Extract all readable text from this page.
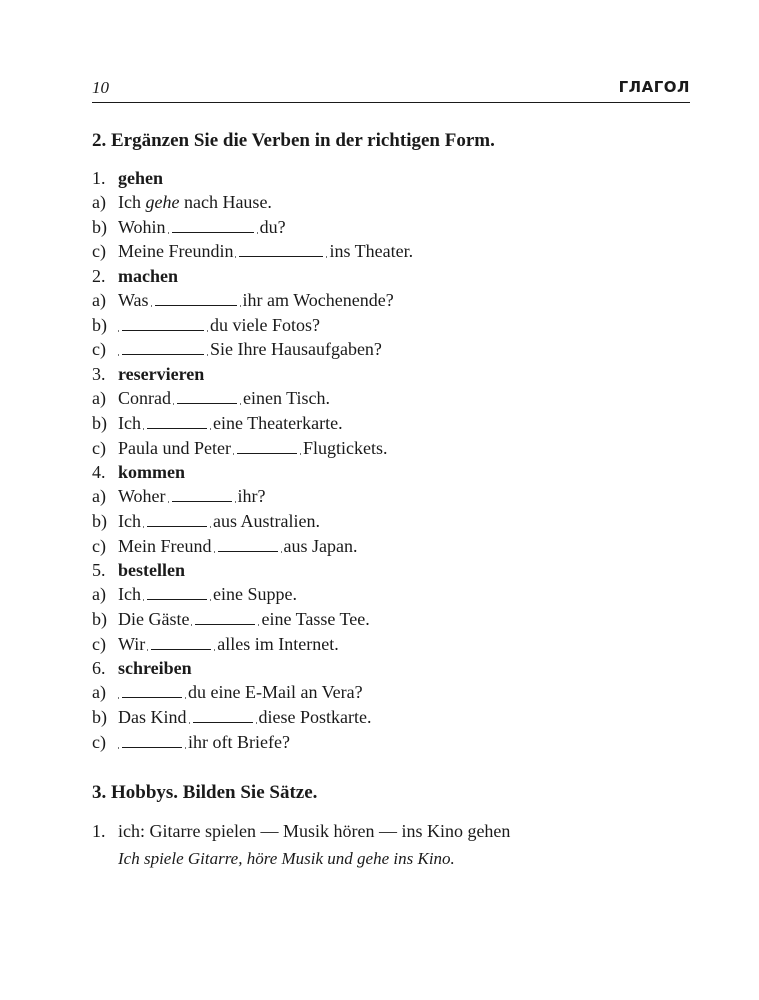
10	ГЛАГОЛ
2. Ergänzen Sie die Verben in der richtigen Form.
1. gehen
a) Ich gehe nach Hause.
b) Wohin	du?
c) Meine Freundin	ins Theater.
2. machen
a) Was	ihr am Wochenende?
b)	du viele Fotos?
c)	Sie Ihre Hausaufgaben?
3. reservieren
a) Conrad	einen Tisch.
b) Ich	eine Theaterkarte.
c) Paula und Peter	Flugtickets.
4. kommen
a) Woher	ihr?
b) Ich	aus Australien.
c) Mein Freund	aus Japan.
5. bestellen
a) Ich	eine Suppe.
b) Die Gäste	eine Tasse Tee.
c) Wir	alles im Internet.
6. schreiben
a)	du eine E-Mail an Vera?
b) Das Kind	diese Postkarte.
c)	ihr oft Briefe?
3. Hobbys. Bilden Sie Sätze.
1. ich: Gitarre spielen — Musik hören — ins Kino gehen
Ich spiele Gitarre, höre Musik und gehe ins Kino.
